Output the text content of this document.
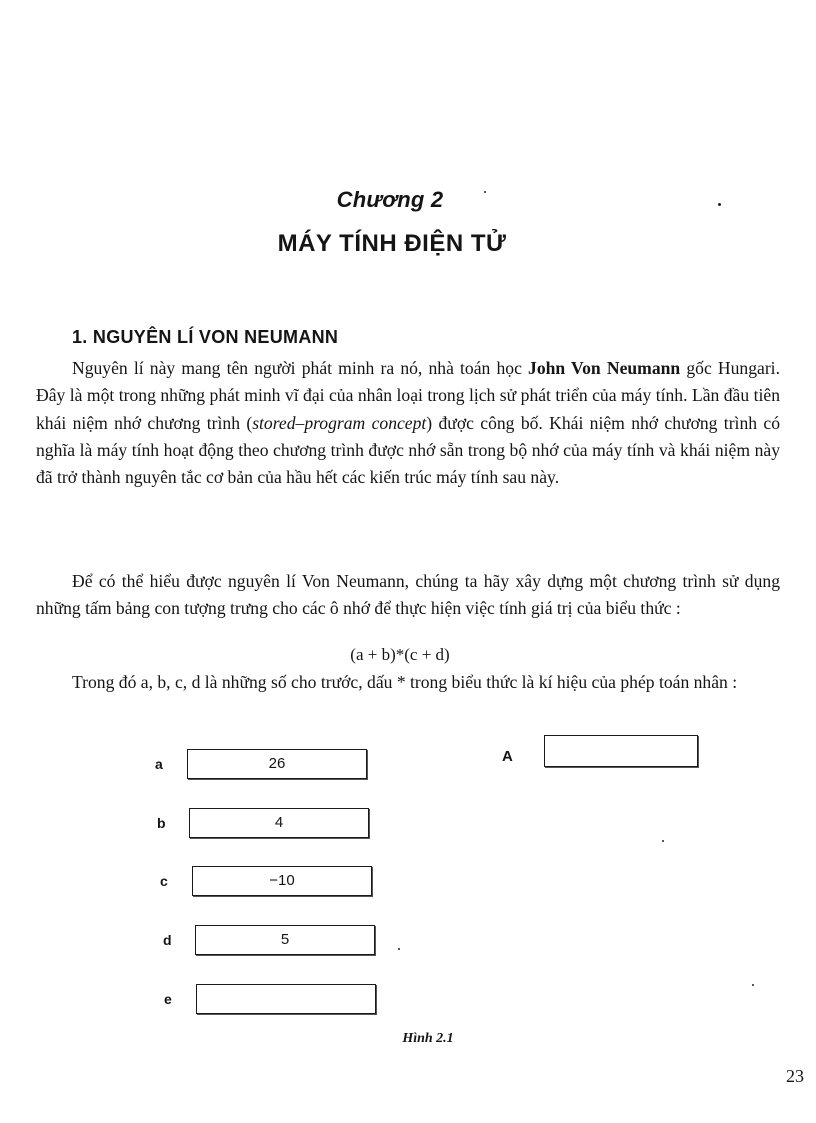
Chương 2
MÁY TÍNH ĐIỆN TỬ
1. NGUYÊN LÍ VON NEUMANN

Nguyên lí này mang tên người phát minh ra nó, nhà toán học John Von Neumann gốc Hungari. Đây là một trong những phát minh vĩ đại của nhân loại trong lịch sử phát triển của máy tính. Lần đầu tiên khái niệm nhớ chương trình (stored–program concept) được công bố. Khái niệm nhớ chương trình có nghĩa là máy tính hoạt động theo chương trình được nhớ sẵn trong bộ nhớ của máy tính và khái niệm này đã trở thành nguyên tắc cơ bản của hầu hết các kiến trúc máy tính sau này.

Để có thể hiểu được nguyên lí Von Neumann, chúng ta hãy xây dựng một chương trình sử dụng những tấm bảng con tượng trưng cho các ô nhớ để thực hiện việc tính giá trị của biểu thức :

(a + b)*(c + d)

Trong đó a, b, c, d là những số cho trước, dấu * trong biểu thức là kí hiệu của phép toán nhân :

a	26
b	4
c	−10
d	5
e
A
Hình 2.1
23
